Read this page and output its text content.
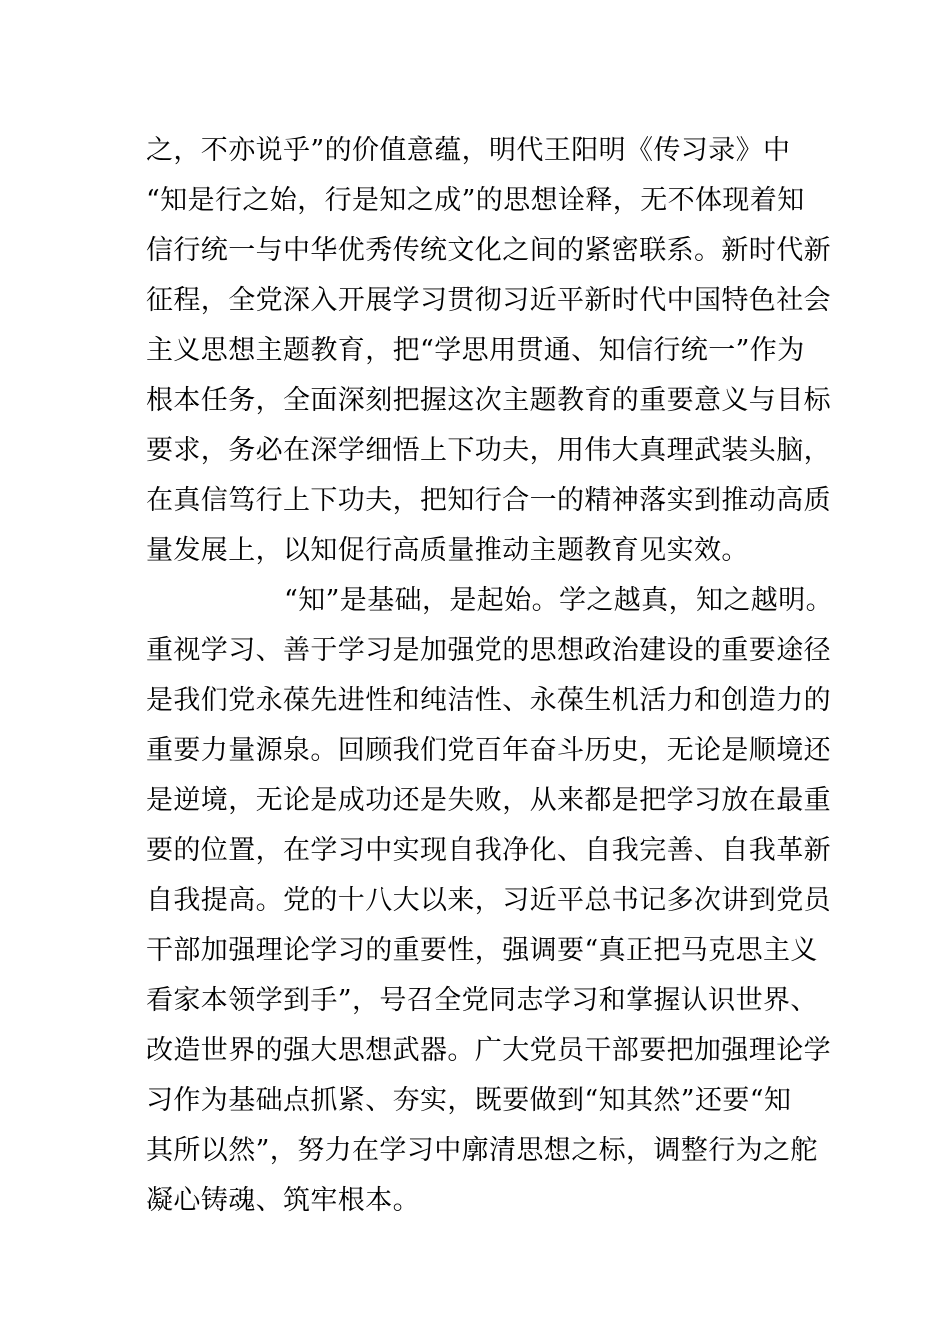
之，不亦说乎”的价值意蕴，明代王阳明《传习录》中
“知是行之始，行是知之成”的思想诠释，无不体现着知
信行统一与中华优秀传统文化之间的紧密联系。新时代新
征程，全党深入开展学习贯彻习近平新时代中国特色社会
主义思想主题教育，把“学思用贯通、知信行统一”作为
根本任务，全面深刻把握这次主题教育的重要意义与目标
要求，务必在深学细悟上下功夫，用伟大真理武装头脑，
在真信笃行上下功夫，把知行合一的精神落实到推动高质
量发展上，以知促行高质量推动主题教育见实效。
“知”是基础，是起始。学之越真，知之越明。
重视学习、善于学习是加强党的思想政治建设的重要途径
是我们党永葆先进性和纯洁性、永葆生机活力和创造力的
重要力量源泉。回顾我们党百年奋斗历史，无论是顺境还
是逆境，无论是成功还是失败，从来都是把学习放在最重
要的位置，在学习中实现自我净化、自我完善、自我革新
自我提高。党的十八大以来，习近平总书记多次讲到党员
干部加强理论学习的重要性，强调要“真正把马克思主义
看家本领学到手”，号召全党同志学习和掌握认识世界、
改造世界的强大思想武器。广大党员干部要把加强理论学
习作为基础点抓紧、夯实，既要做到“知其然”还要“知
其所以然”，努力在学习中廓清思想之标，调整行为之舵
凝心铸魂、筑牢根本。
